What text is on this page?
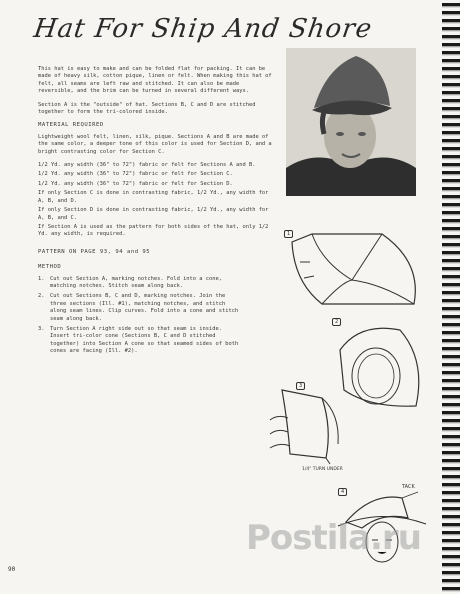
Hat For Ship And Shore

This hat is easy to make and can be folded flat for packing. It can be made of heavy silk, cotton pique, linen or felt. When making this hat of felt, all seams are left raw and stitched. It can also be made reversible, and the brim can be turned in several different ways.

Section A is the "outside" of hat. Sections B, C and D are stitched together to form the tri-colored inside.

MATERIAL REQUIRED

Lightweight wool felt, linen, silk, pique. Sections A and B are made of the same color, a deeper tone of this color is used for Section D, and a bright contrasting color for Section C.

1/2 Yd. any width (36" to 72") fabric or felt for Sections A and B.

1/2 Yd. any width (36" to 72") fabric or felt for Section C.

1/2 Yd. any width (36" to 72") fabric or felt for Section D.

If only Section C is done in contrasting fabric, 1/2 Yd., any width for A, B, and D.

If only Section D is done in contrasting fabric, 1/2 Yd., any width for A, B, and C.

If Section A is used as the pattern for both sides of the hat, only 1/2 Yd. any width, is required.

PATTERN ON PAGE 93, 94 and 95
METHOD
1.	Cut out Section A, marking notches. Fold into a cone, matching notches. Stitch seam along back.
2.	Cut out Sections B, C and D, marking notches. Join the three sections (Ill. #1), matching notches, and stitch along seam lines. Clip curves. Fold into a cone and stitch seam along back.
3.	Turn Section A right side out so that seam is inside. Insert tri-color cone (Sections B, C and D stitched together) into Section A cone so that seamed sides of both cones are facing (Ill. #2).
1
2
3
1/4" TURN UNDER
4
TACK
90
Postila.ru
